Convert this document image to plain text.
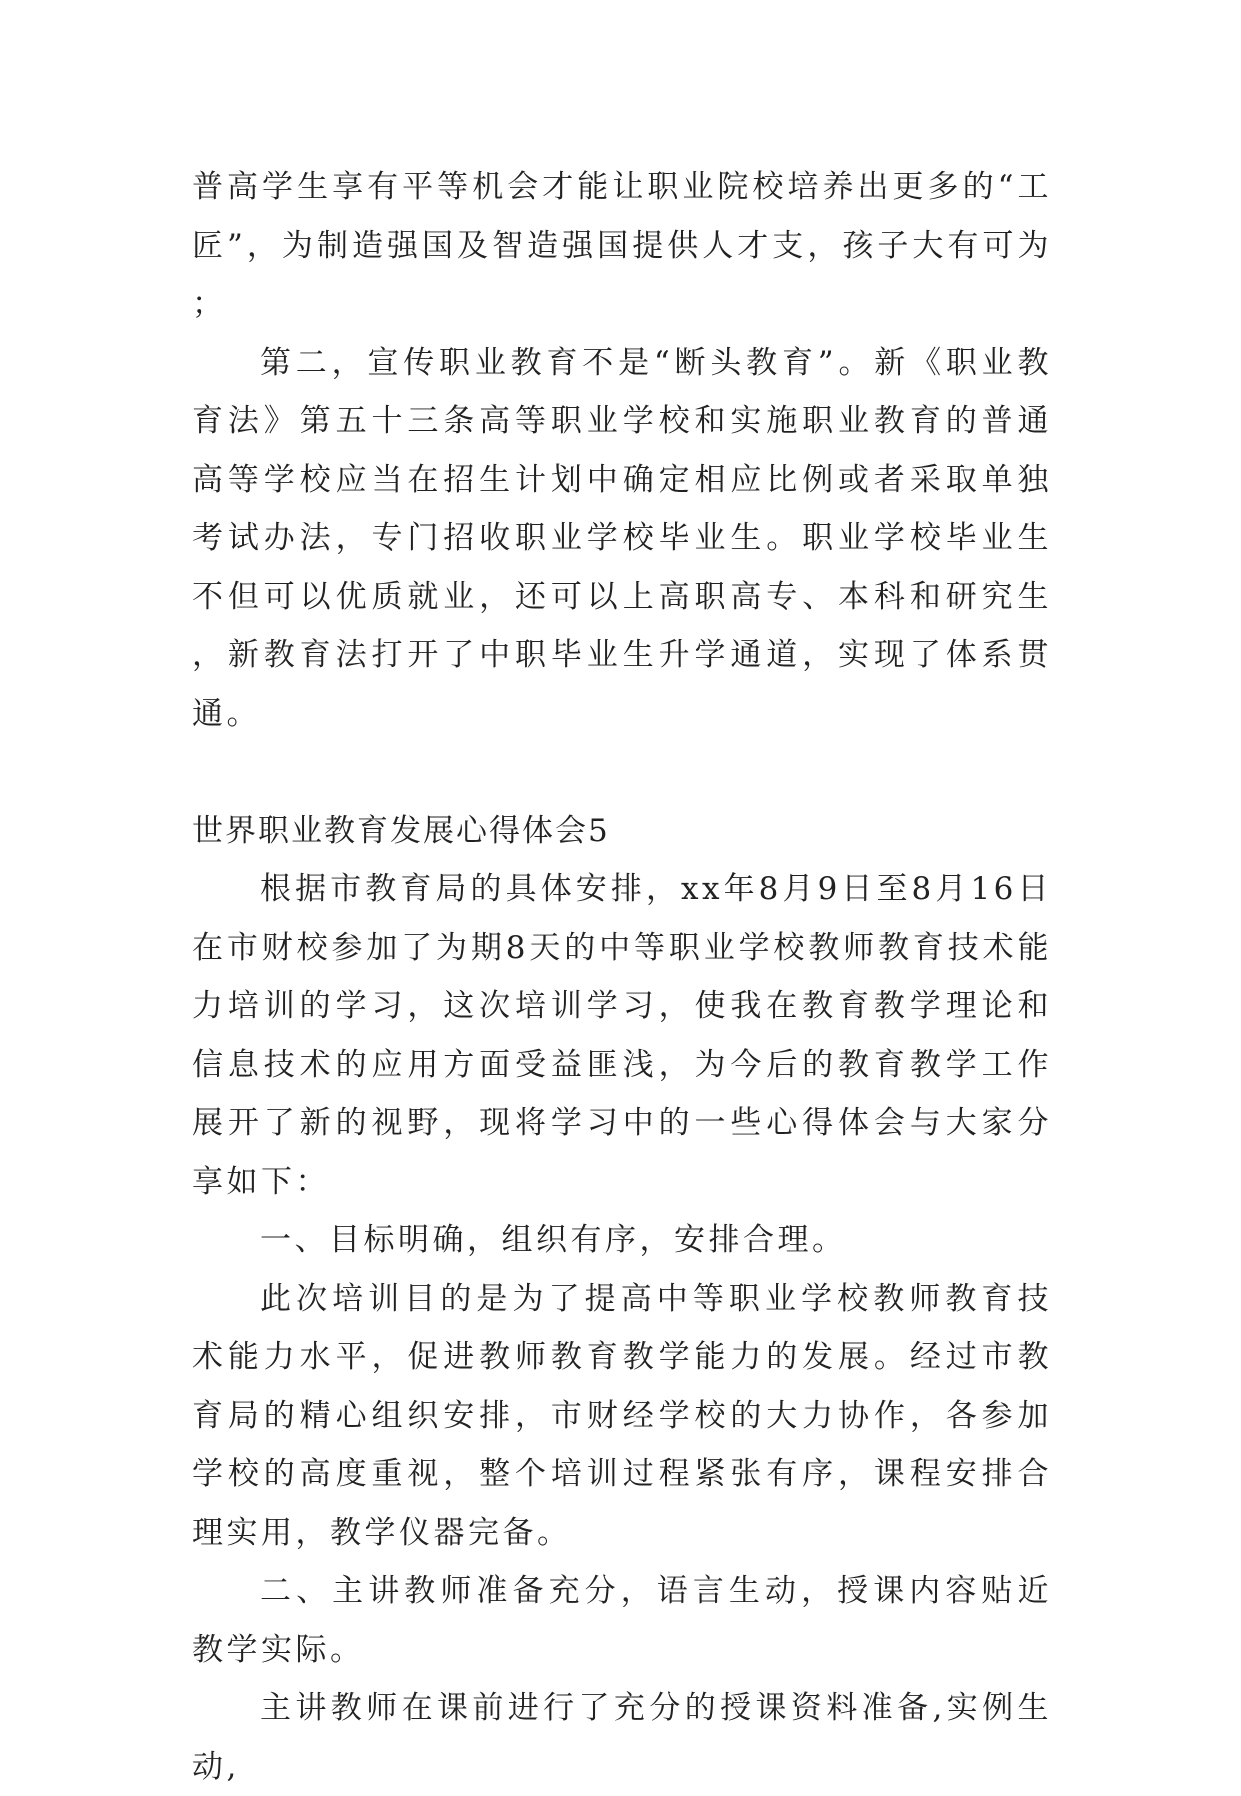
普高学生享有平等机会才能让职业院校培养出更多的“工匠”，为制造强国及智造强国提供人才支，孩子大有可为；

第二，宣传职业教育不是“断头教育”。新《职业教育法》第五十三条高等职业学校和实施职业教育的普通高等学校应当在招生计划中确定相应比例或者采取单独考试办法，专门招收职业学校毕业生。职业学校毕业生不但可以优质就业，还可以上高职高专、本科和研究生，新教育法打开了中职毕业生升学通道，实现了体系贯通。

世界职业教育发展心得体会5

根据市教育局的具体安排，xx年8月9日至8月16日在市财校参加了为期8天的中等职业学校教师教育技术能力培训的学习，这次培训学习，使我在教育教学理论和信息技术的应用方面受益匪浅，为今后的教育教学工作展开了新的视野，现将学习中的一些心得体会与大家分享如下：

一、目标明确，组织有序，安排合理。

此次培训目的是为了提高中等职业学校教师教育技术能力水平，促进教师教育教学能力的发展。经过市教育局的精心组织安排，市财经学校的大力协作，各参加学校的高度重视，整个培训过程紧张有序，课程安排合理实用，教学仪器完备。

二、主讲教师准备充分，语言生动，授课内容贴近教学实际。

主讲教师在课前进行了充分的授课资料准备,实例生动,
